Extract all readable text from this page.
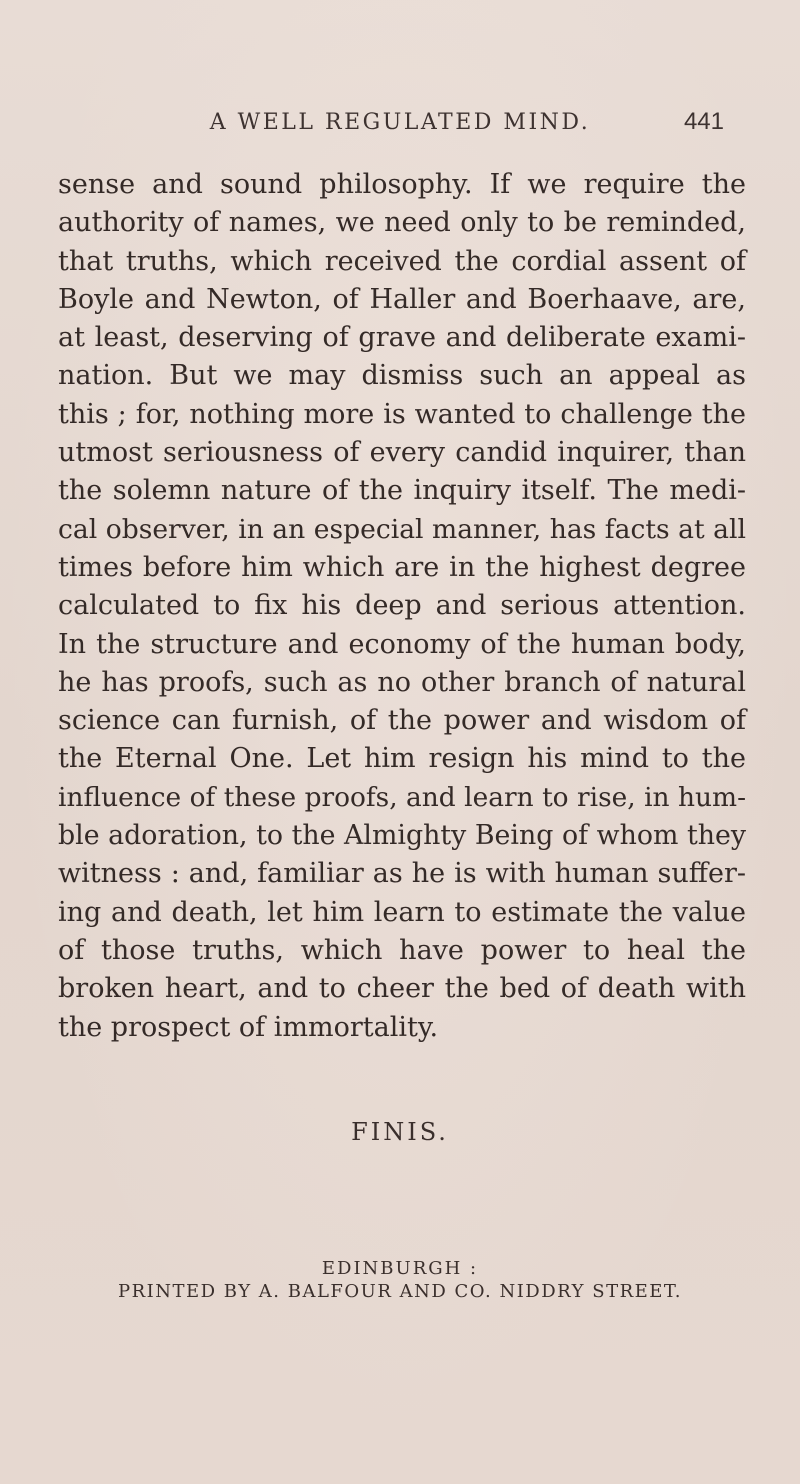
A WELL REGULATED MIND.	441
sense and sound philosophy. If we require the
authority of names, we need only to be reminded,
that truths, which received the cordial assent of
Boyle and Newton, of Haller and Boerhaave, are,
at least, deserving of grave and deliberate exami-
nation. But we may dismiss such an appeal as
this ; for, nothing more is wanted to challenge the
utmost seriousness of every candid inquirer, than
the solemn nature of the inquiry itself. The medi-
cal observer, in an especial manner, has facts at all
times before him which are in the highest degree
calculated to fix his deep and serious attention.
In the structure and economy of the human body,
he has proofs, such as no other branch of natural
science can furnish, of the power and wisdom of
the Eternal One. Let him resign his mind to the
influence of these proofs, and learn to rise, in hum-
ble adoration, to the Almighty Being of whom they
witness : and, familiar as he is with human suffer-
ing and death, let him learn to estimate the value
of those truths, which have power to heal the
broken heart, and to cheer the bed of death with
the prospect of immortality.
FINIS.
EDINBURGH :
PRINTED BY A. BALFOUR AND CO. NIDDRY STREET.
